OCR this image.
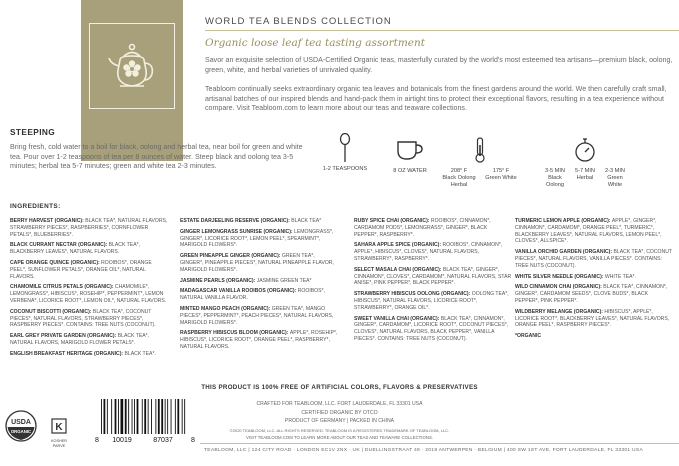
WORLD TEA BLENDS COLLECTION
Organic loose leaf tea tasting assortment
Savor an exquisite selection of USDA-Certified Organic teas, masterfully curated by the world's most esteemed tea artisans—premium black, oolong, green, white, and herbal varieties of unrivaled quality.
Teabloom continually seeks extraordinary organic tea leaves and botanicals from the finest gardens around the world. We then carefully craft small, artisanal batches of our inspired blends and hand-pack them in airtight tins to protect their exceptional flavors, resulting in a tea experience without compare. Visit Teabloom.com to learn more about our teas and teaware collections.
STEEPING
Bring fresh, cold water to a boil for black, oolong and herbal tea, near boil for green and white tea. Pour over 1-2 teaspoons of tea per 8 ounces of water. Steep black and oolong tea 3-5 minutes; herbal tea 5-7 minutes; green and white tea 2-3 minutes.	1-2 TEASPOONS	8 OZ WATER	208° F
Black Oolong Herbal
175° F
Green White
3-5 MIN
Black Oolong
5-7 MIN
Herbal
2-3 MIN
Green White
INGREDIENTS:
BERRY HARVEST (ORGANIC): BLACK TEA*, NATURAL FLAVORS, STRAWBERRY PIECES*, RASPBERRIES*, CORNFLOWER PETALS*, BLUEBERRIES*.
BLACK CURRANT NECTAR (ORGANIC): BLACK TEA*, BLACKBERRY LEAVES*, NATURAL FLAVORS.
CAPE ORANGE QUINCE (ORGANIC): ROOIBOS*, ORANGE PEEL*, SUNFLOWER PETALS*, ORANGE OIL*, NATURAL FLAVORS.
CHAMOMILE CITRUS PETALS (ORGANIC): CHAMOMILE*, LEMONGRASS*, HIBISCUS*, ROSEHIP*, PEPPERMINT*, LEMON VERBENA*, LICORICE ROOT*, LEMON OIL*, NATURAL FLAVORS.
COCONUT BISCOTTI (ORGANIC): BLACK TEA*, COCONUT PIECES*, NATURAL FLAVORS, STRAWBERRY PIECES*, RASPBERRY PIECES*. CONTAINS: TREE NUTS (COCONUT).
EARL GREY PRIVATE GARDEN (ORGANIC): BLACK TEA*, NATURAL FLAVORS, MARIGOLD FLOWER PETALS*.
ENGLISH BREAKFAST HERITAGE (ORGANIC): BLACK TEA*.
ESTATE DARJEELING RESERVE (ORGANIC): BLACK TEA*
GINGER LEMONGRASS SUNRISE (ORGANIC): LEMONGRASS*, GINGER*, LICORICE ROOT*, LEMON PEEL*, SPEARMINT*, MARIGOLD FLOWERS*.
GREEN PINEAPPLE GINGER (ORGANIC): GREEN TEA*, GINGER*, PINEAPPLE PIECES*, NATURAL PINEAPPLE FLAVOR, MARIGOLD FLOWERS*.
JASMINE PEARLS (ORGANIC): JASMINE GREEN TEA*
MADAGASCAR VANILLA ROOIBOS (ORGANIC): ROOIBOS*, NATURAL VANILLA FLAVOR.
MINTED MANGO PEACH (ORGANIC): GREEN TEA*, MANGO PIECES*, PEPPERMINT*, PEACH PIECES*, NATURAL FLAVORS, MARIGOLD FLOWERS*.
RASPBERRY HIBISCUS BLOOM (ORGANIC): APPLE*, ROSEHIP*, HIBISCUS*, LICORICE ROOT*, ORANGE PEEL*, RASPBERRY*, NATURAL FLAVORS.
RUBY SPICE CHAI (ORGANIC): ROOIBOS*, CINNAMON*, CARDAMOM PODS*, LEMONGRASS*, GINGER*, BLACK PEPPER*, RASPBERRY*.
SAHARA APPLE SPICE (ORGANIC): ROOIBOS*, CINNAMON*, APPLE*, HIBISCUS*, CLOVES*, NATURAL FLAVORS, STRAWBERRY*, RASPBERRY*.
SELECT MASALA CHAI (ORGANIC): BLACK TEA*, GINGER*, CINNAMON*, CLOVES*, CARDAMOM*, NATURAL FLAVORS, STAR ANISE*, PINK PEPPER*, BLACK PEPPER*.
STRAWBERRY HIBISCUS OOLONG (ORGANIC): OOLONG TEA*, HIBISCUS*, NATURAL FLAVORS, LICORICE ROOT*, STRAWBERRY*, ORANGE OIL*.
SWEET VANILLA CHAI (ORGANIC): BLACK TEA*, CINNAMON*, GINGER*, CARDAMOM*, LICORICE ROOT*, COCONUT PIECES*, CLOVES*, NATURAL FLAVORS, BLACK PEPPER*, VANILLA PIECES*. CONTAINS: TREE NUTS (COCONUT).
TURMERIC LEMON APPLE (ORGANIC): APPLE*, GINGER*, CINNAMON*, CARDAMOM*, ORANGE PEEL*, TURMERIC*, BLACKBERRY LEAVES*, NATURAL FLAVORS, LEMON PEEL*, CLOVES*, ALLSPICE*.
VANILLA ORCHID GARDEN (ORGANIC): BLACK TEA*, COCONUT PIECES*, NATURAL FLAVORS, VANILLA PIECES*. CONTAINS: TREE NUTS (COCONUT).
WHITE SILVER NEEDLE (ORGANIC): WHITE TEA*.
WILD CINNAMON CHAI (ORGANIC): BLACK TEA*, CINNAMON*, GINGER*, CARDAMOM SEEDS*, CLOVE BUDS*, BLACK PEPPER*, PINK PEPPER*.
WILDBERRY MELANGE (ORGANIC): HIBISCUS*, APPLE*, LICORICE ROOT*, BLACKBERRY LEAVES*, NATURAL FLAVORS, ORANGE PEEL*, RASPBERRY PIECES*.
*ORGANIC
THIS PRODUCT IS 100% FREE OF ARTIFICIAL COLORS, FLAVORS & PRESERVATIVES
CRAFTED FOR TEABLOOM, LLC. FORT LAUDERDALE, FL 33301 USA
CERTIFIED ORGANIC BY OTCO
PRODUCT OF GERMANY | PACKED IN CHINA
©2020 TEABLOOM, LLC. ALL RIGHTS RESERVED. TEABLOOM IS A REGISTERED TRADEMARK OF TEABLOOM, LLC.
VISIT TEABLOOM.COM TO LEARN MORE ABOUT OUR TEAS AND TEAWARE COLLECTIONS.
USDA
ORGANIC K
KOSHER PARVE
8 10019	87037	8
TEABLOOM, LLC | 124 CITY ROAD · LONDON EC1V 2NX · UK | DUELLINGSTRAAT 49 · 2018 ANTWERPEN · BELGIUM | 400 SW 1ST AVE, FORT LAUDERDALE, FL 33301 USA
